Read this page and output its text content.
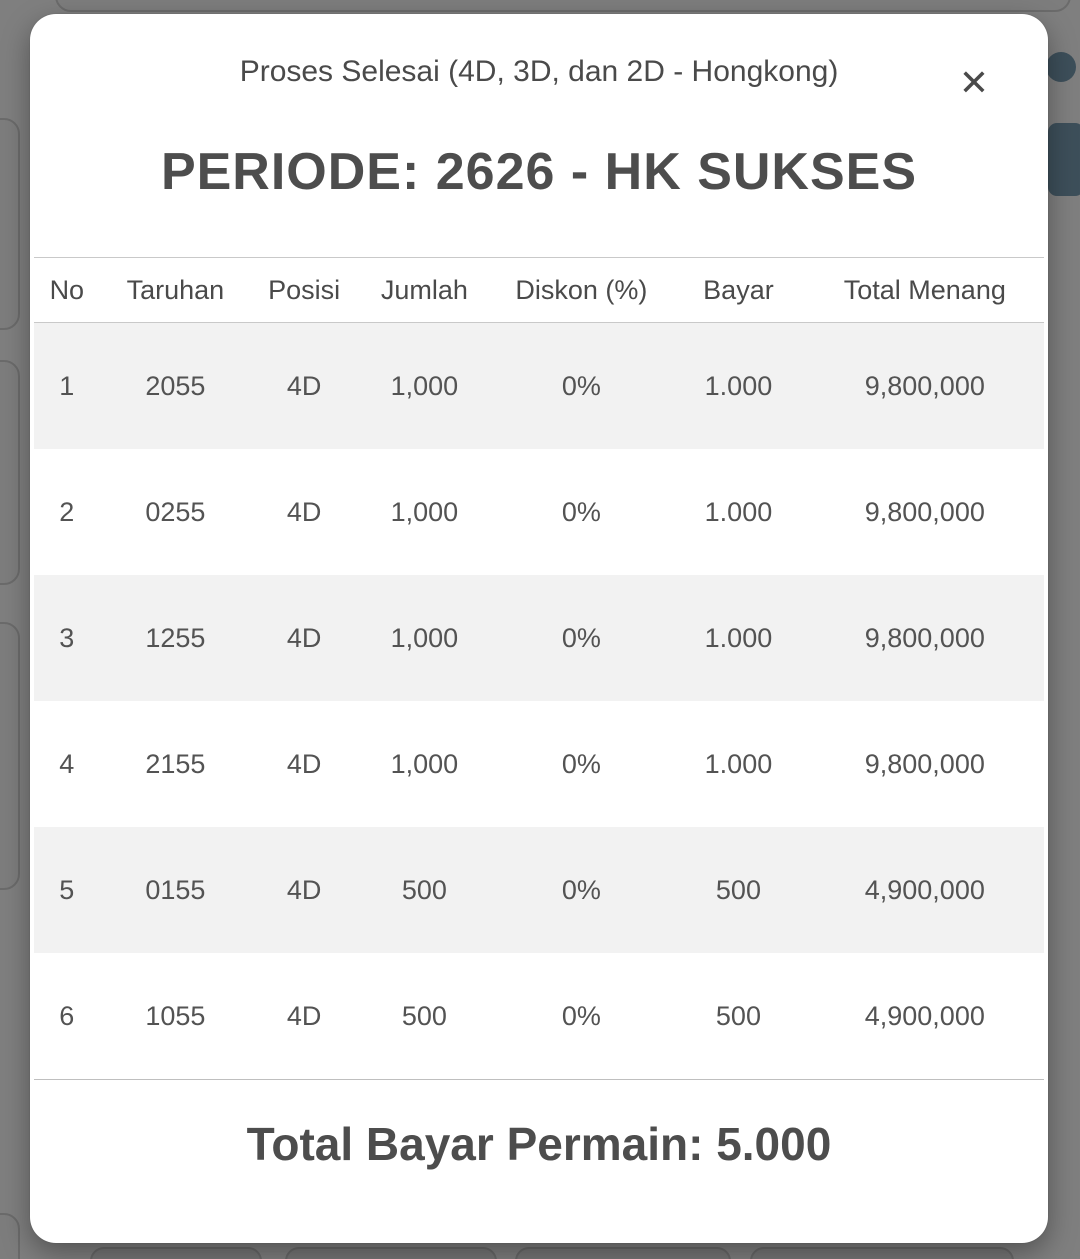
Proses Selesai (4D, 3D, dan 2D - Hongkong)	✕
PERIODE: 2626 - HK SUKSES
No	Taruhan	Posisi	Jumlah	Diskon (%)	Bayar	Total Menang
1	2055	4D	1,000	0%	1.000	9,800,000
2	0255	4D	1,000	0%	1.000	9,800,000
3	1255	4D	1,000	0%	1.000	9,800,000
4	2155	4D	1,000	0%	1.000	9,800,000
5	0155	4D	500	0%	500	4,900,000
6	1055	4D	500	0%	500	4,900,000
Total Bayar Permain: 5.000
